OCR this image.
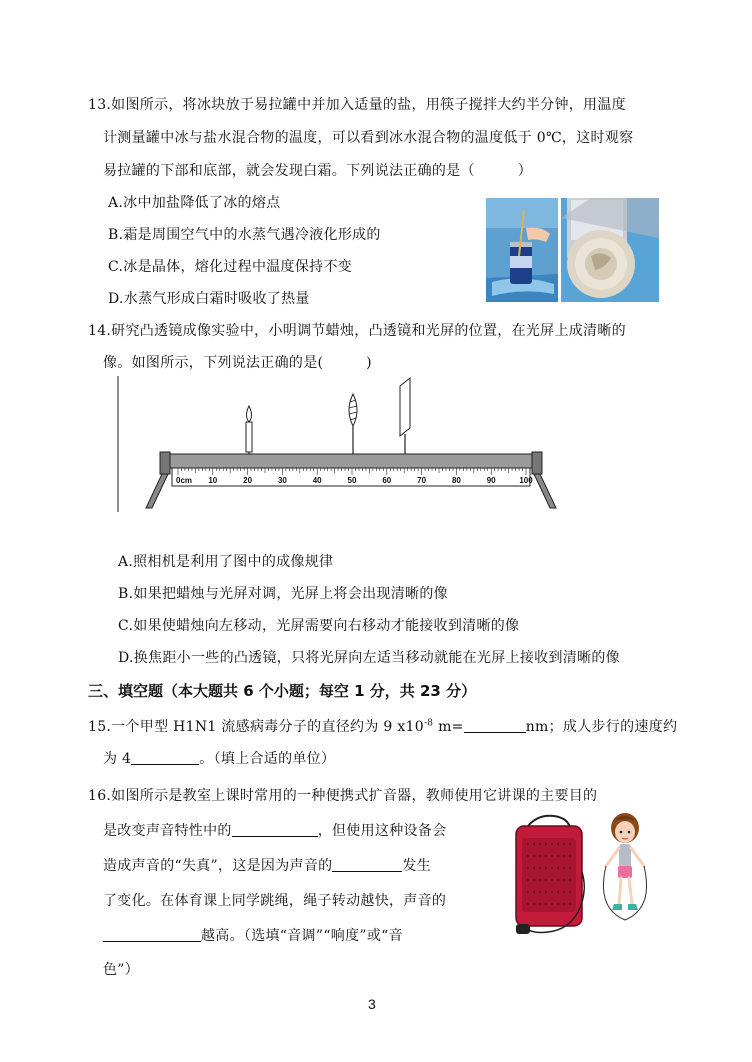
13.如图所示，将冰块放于易拉罐中并加入适量的盐，用筷子搅拌大约半分钟，用温度
计测量罐中冰与盐水混合物的温度，可以看到冰水混合物的温度低于 0℃，这时观察
易拉罐的下部和底部，就会发现白霜。下列说法正确的是（　　　）
A.冰中加盐降低了冰的熔点
B.霜是周围空气中的水蒸气遇冷液化形成的
C.冰是晶体，熔化过程中温度保持不变
D.水蒸气形成白霜时吸收了热量
14.研究凸透镜成像实验中，小明调节蜡烛，凸透镜和光屏的位置，在光屏上成清晰的
像。如图所示，下列说法正确的是(　　　)
0cm 10	20	30	40	50	60	70	80	90	100
A.照相机是利用了图中的成像规律
B.如果把蜡烛与光屏对调，光屏上将会出现清晰的像
C.如果使蜡烛向左移动，光屏需要向右移动才能接收到清晰的像
D.换焦距小一些的凸透镜，只将光屏向左适当移动就能在光屏上接收到清晰的像
三、填空题（本大题共 6 个小题；每空 1 分，共 23 分）
15.一个甲型 H1N1 流感病毒分子的直径约为 9 $x10^{-8}$ m=	nm；成人步行的速度约
为 4	。（填上合适的单位）
16.如图所示是教室上课时常用的一种便携式扩音器，教师使用它讲课的主要目的
是改变声音特性中的	，但使用这种设备会
造成声音的“失真”，这是因为声音的	发生
了变化。在体育课上同学跳绳，绳子转动越快，声音的
越高。（选填“音调”“响度”或“音
色”）
3
